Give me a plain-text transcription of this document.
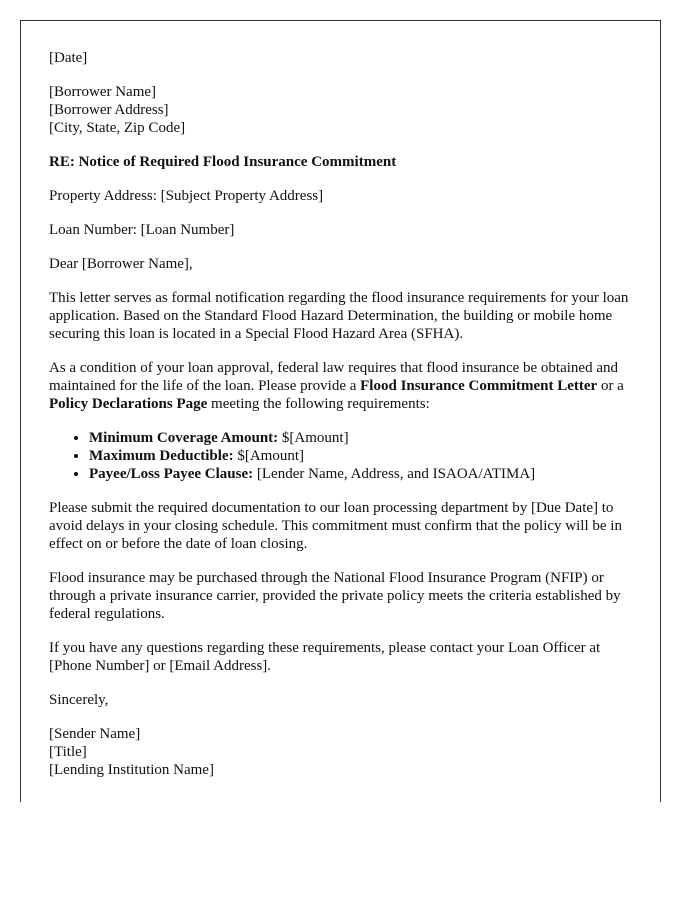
[Date]

[Borrower Name]
[Borrower Address]
[City, State, Zip Code]

RE: Notice of Required Flood Insurance Commitment

Property Address: [Subject Property Address]

Loan Number: [Loan Number]

Dear [Borrower Name],

This letter serves as formal notification regarding the flood insurance requirements for your loan application. Based on the Standard Flood Hazard Determination, the building or mobile home securing this loan is located in a Special Flood Hazard Area (SFHA).

As a condition of your loan approval, federal law requires that flood insurance be obtained and maintained for the life of the loan. Please provide a Flood Insurance Commitment Letter or a Policy Declarations Page meeting the following requirements:

• Minimum Coverage Amount: $[Amount]
• Maximum Deductible: $[Amount]
• Payee/Loss Payee Clause: [Lender Name, Address, and ISAOA/ATIMA]

Please submit the required documentation to our loan processing department by [Due Date] to avoid delays in your closing schedule. This commitment must confirm that the policy will be in effect on or before the date of loan closing.

Flood insurance may be purchased through the National Flood Insurance Program (NFIP) or through a private insurance carrier, provided the private policy meets the criteria established by federal regulations.

If you have any questions regarding these requirements, please contact your Loan Officer at [Phone Number] or [Email Address].

Sincerely,

[Sender Name]
[Title]
[Lending Institution Name]
